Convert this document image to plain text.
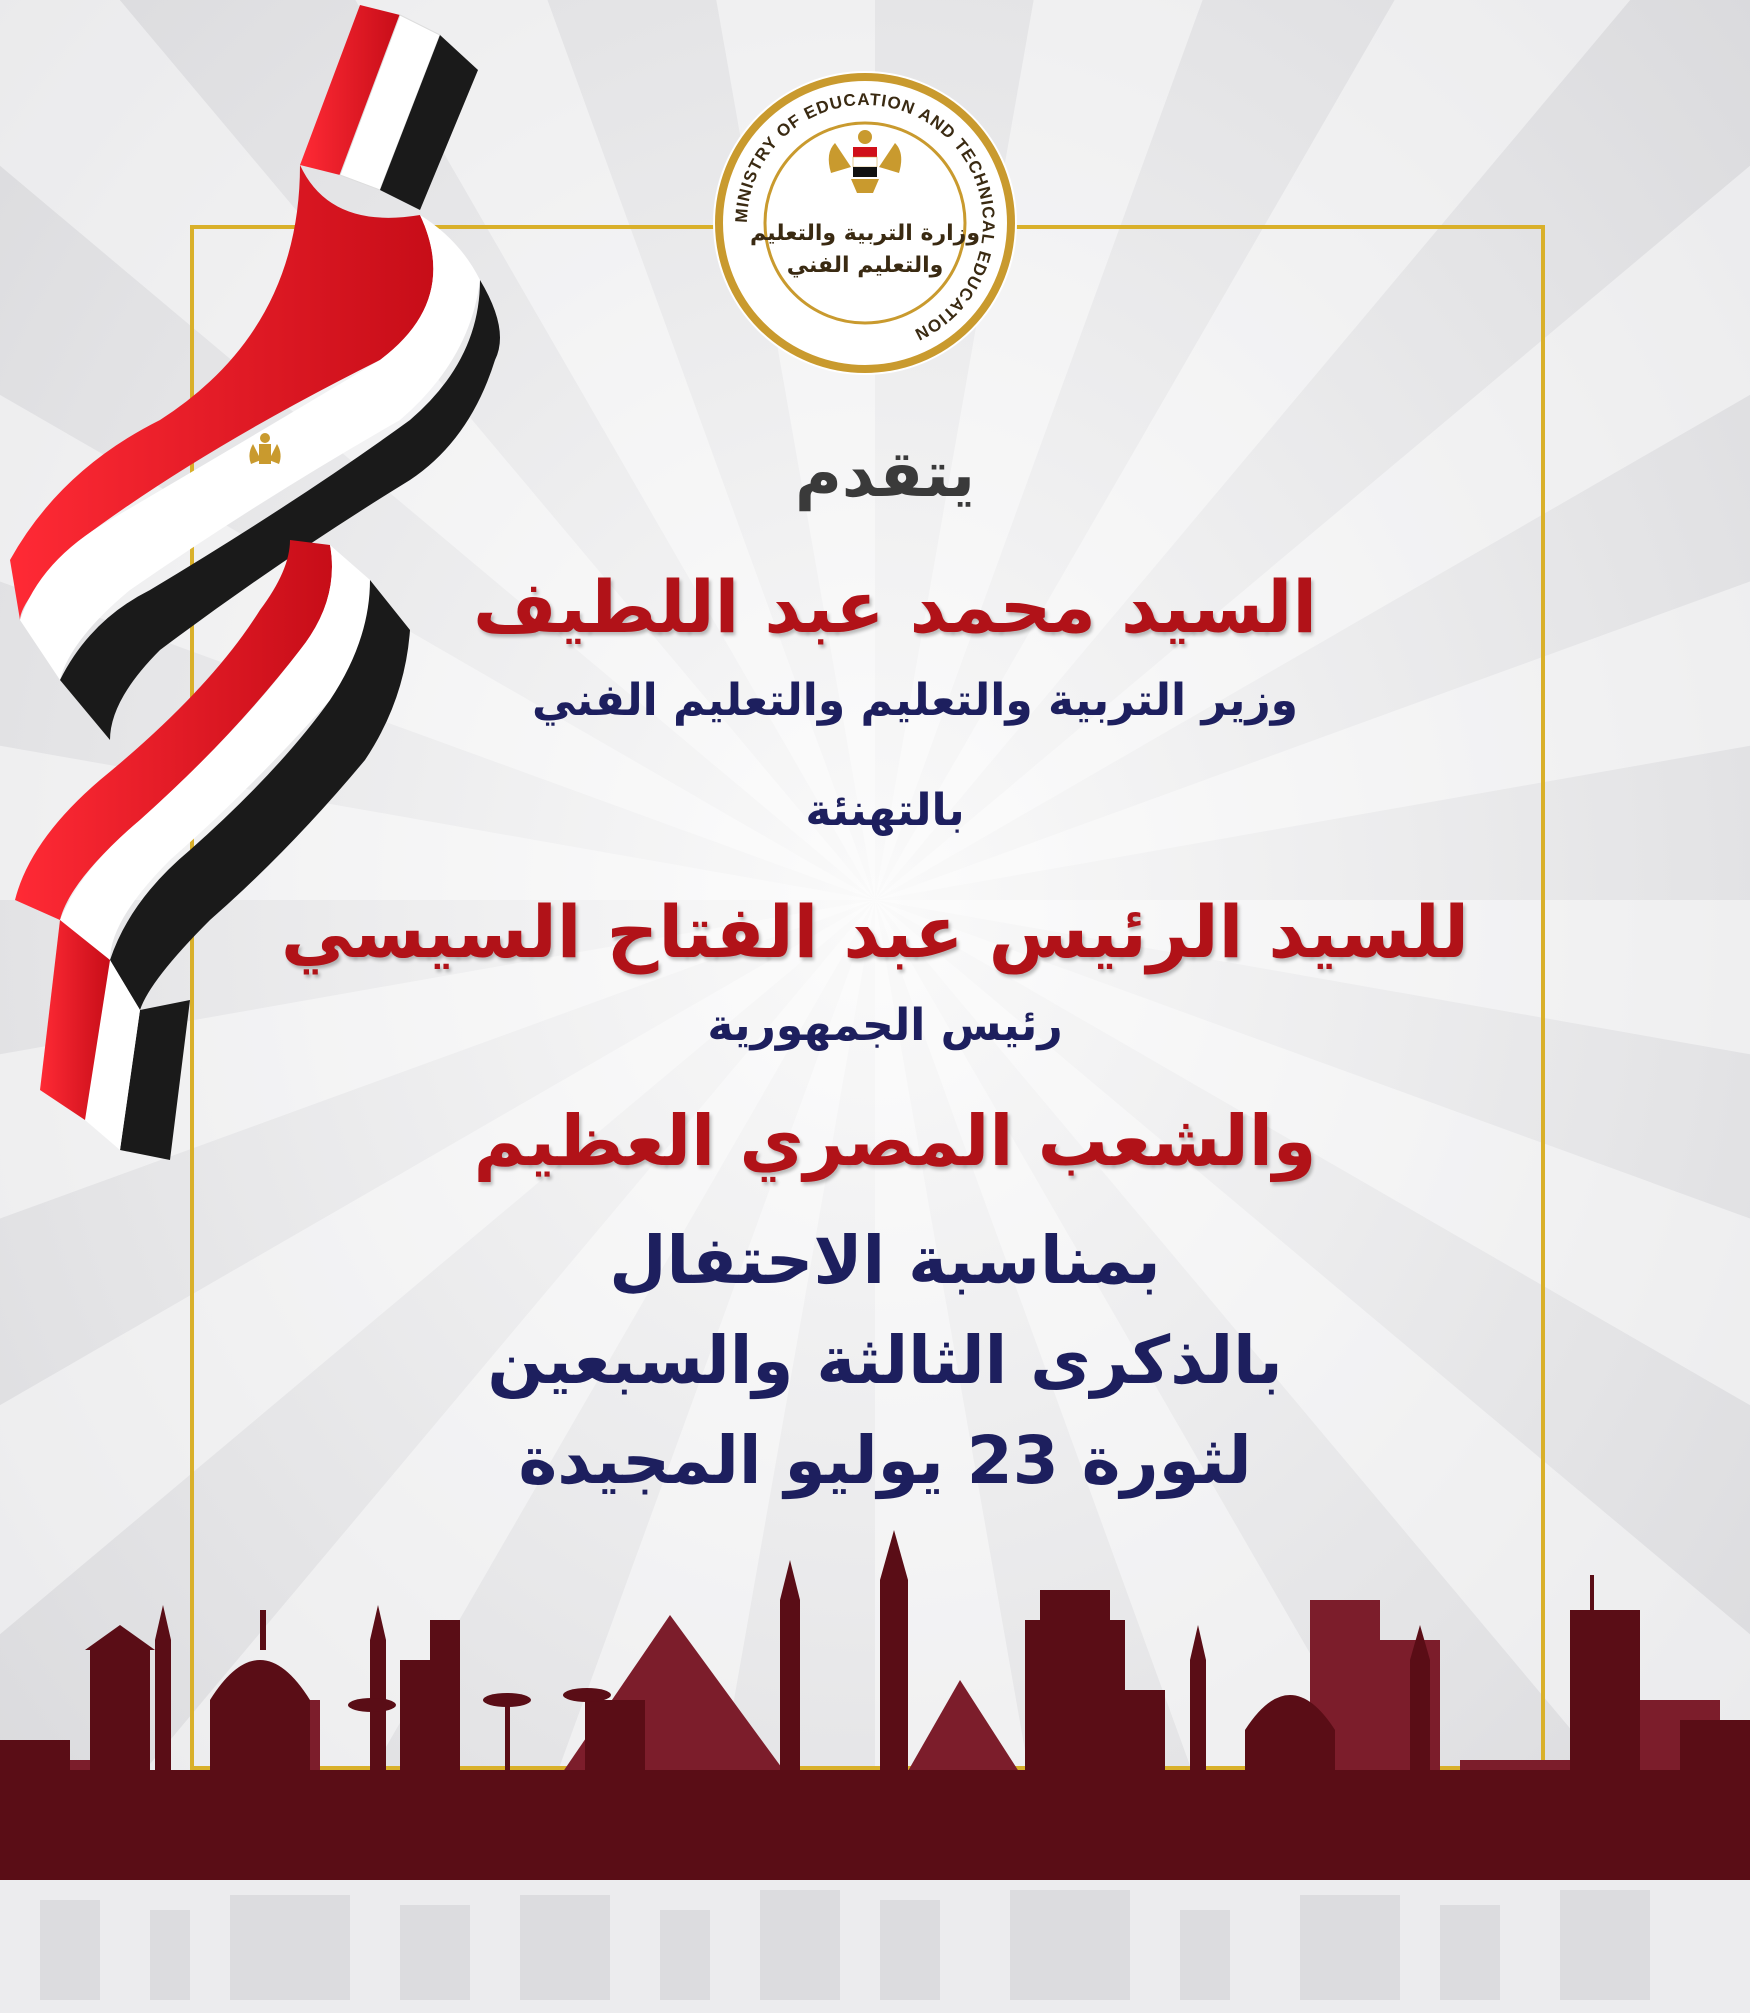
MINISTRY OF EDUCATION AND TECHNICAL EDUCATION
وزارة التربية والتعليم
والتعليم الفني
يتقدم
السيد محمد عبد اللطيف
وزير التربية والتعليم والتعليم الفني
بالتهنئة
للسيد الرئيس عبد الفتاح السيسي
رئيس الجمهورية
والشعب المصري العظيم
بمناسبة الاحتفال
بالذكرى الثالثة والسبعين
لثورة 23 يوليو المجيدة
